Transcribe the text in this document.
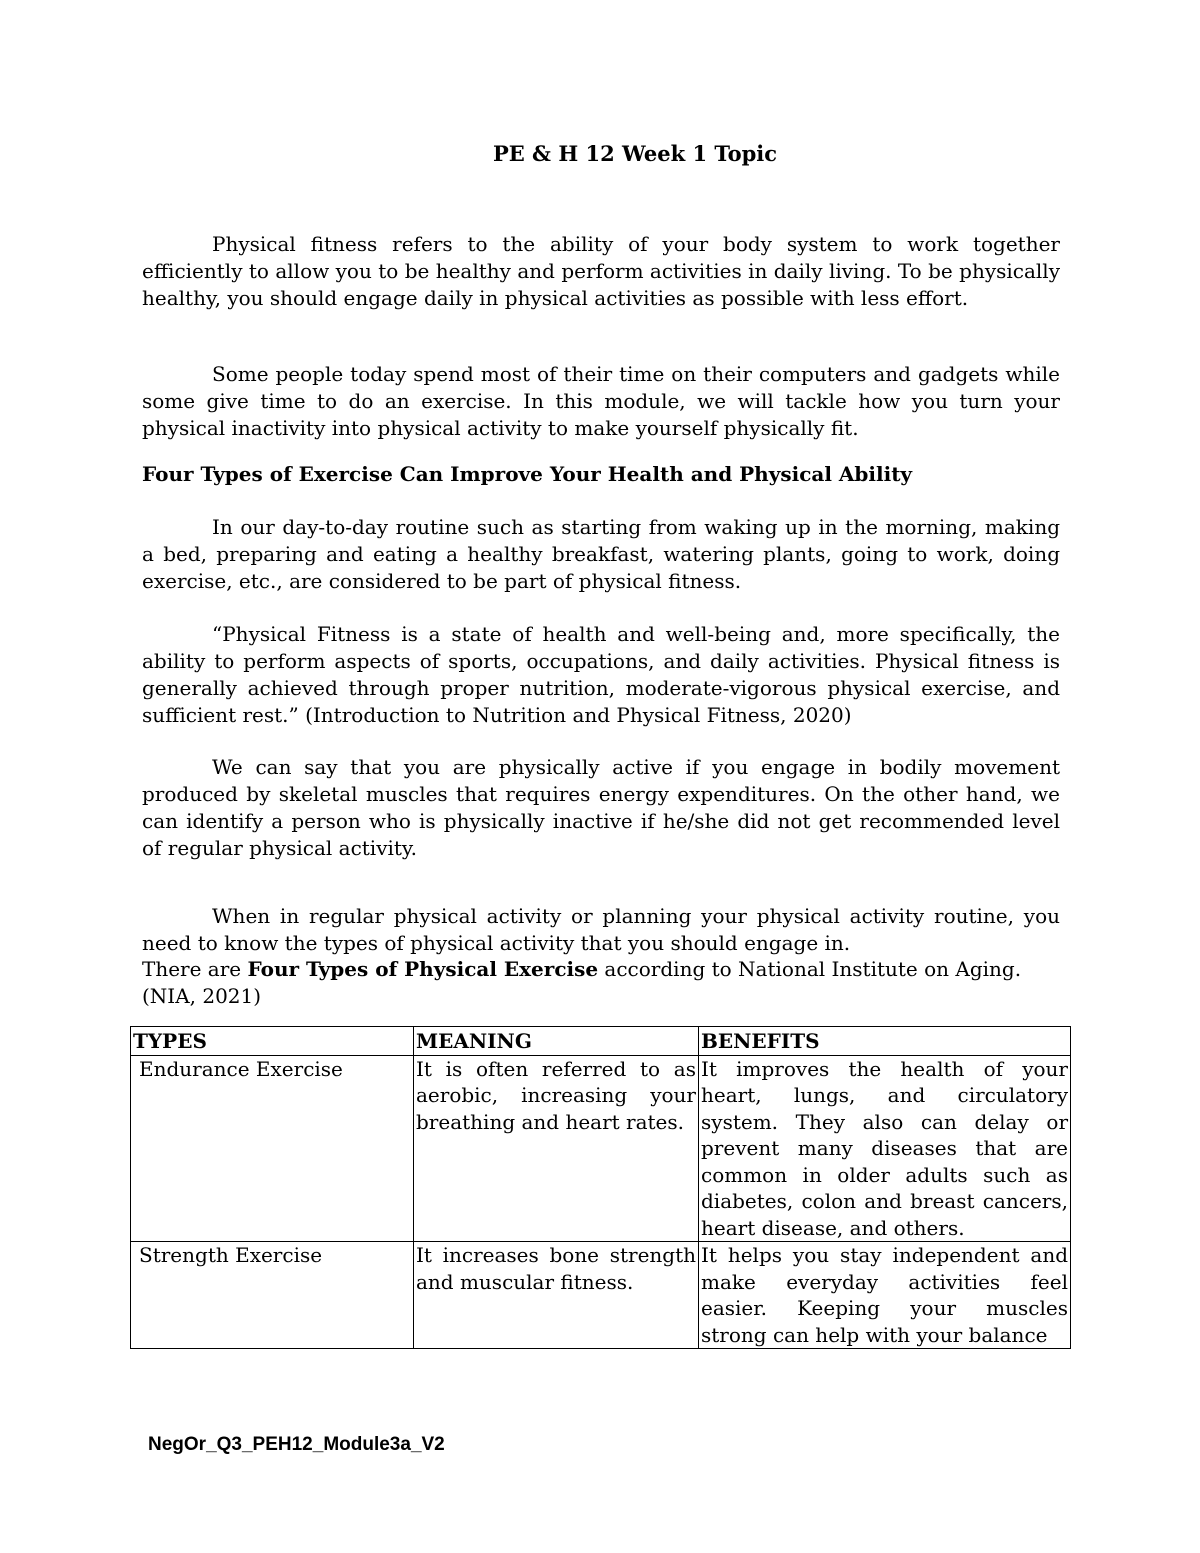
PE & H 12 Week 1 Topic

Physical fitness refers to the ability of your body system to work together efficiently to allow you to be healthy and perform activities in daily living. To be physically healthy, you should engage daily in physical activities as possible with less effort.

Some people today spend most of their time on their computers and gadgets while some give time to do an exercise. In this module, we will tackle how you turn your physical inactivity into physical activity to make yourself physically fit.

Four Types of Exercise Can Improve Your Health and Physical Ability

In our day-to-day routine such as starting from waking up in the morning, making a bed, preparing and eating a healthy breakfast, watering plants, going to work, doing exercise, etc., are considered to be part of physical fitness.

“Physical Fitness is a state of health and well-being and, more specifically, the ability to perform aspects of sports, occupations, and daily activities. Physical fitness is generally achieved through proper nutrition, moderate-vigorous physical exercise, and sufficient rest.” (Introduction to Nutrition and Physical Fitness, 2020)

We can say that you are physically active if you engage in bodily movement produced by skeletal muscles that requires energy expenditures. On the other hand, we can identify a person who is physically inactive if he/she did not get recommended level of regular physical activity.

When in regular physical activity or planning your physical activity routine, you need to know the types of physical activity that you should engage in.

There are Four Types of Physical Exercise according to National Institute on Aging. (NIA, 2021)

TYPES	MEANING	BENEFITS
Endurance Exercise	It is often referred to as aerobic, increasing your breathing and heart rates.	It improves the health of your heart, lungs, and circulatory system. They also can delay or prevent many diseases that are common in older adults such as diabetes, colon and breast cancers, heart disease, and others.
Strength Exercise	It increases bone strength and muscular fitness.	It helps you stay independent and make everyday activities feel easier. Keeping your muscles strong can help with your balance
NegOr_Q3_PEH12_Module3a_V2
